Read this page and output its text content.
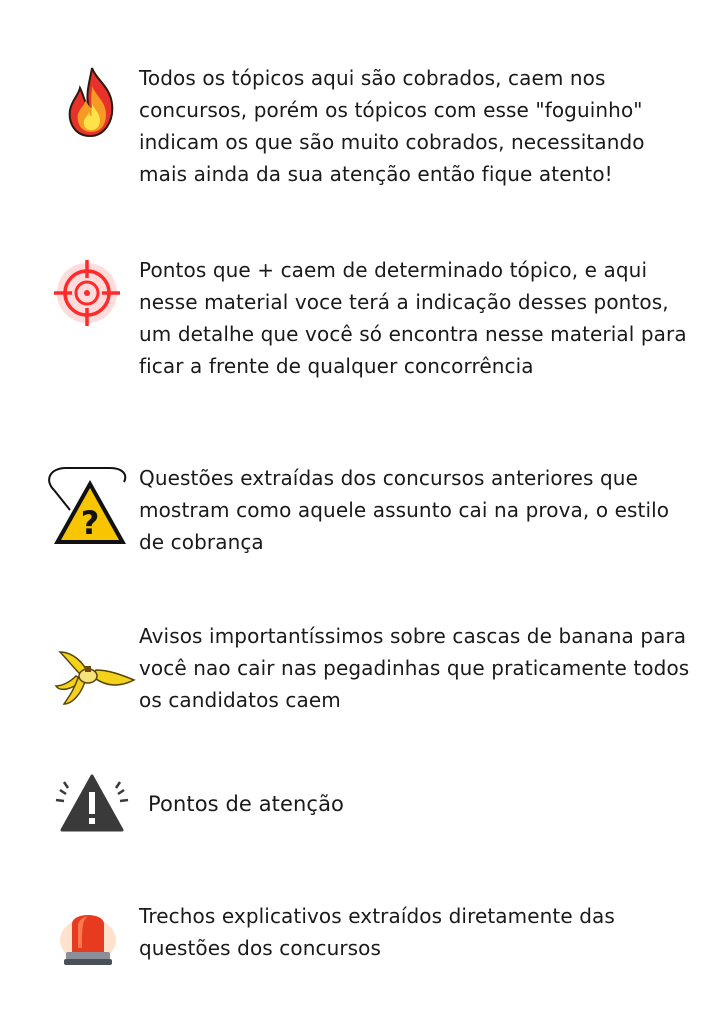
Todos os tópicos aqui são cobrados, caem nos concursos, porém os tópicos com esse "foguinho" indicam os que são muito cobrados, necessitando mais ainda da sua atenção então fique atento!
Pontos que + caem de determinado tópico, e aqui nesse material voce terá a indicação desses pontos, um detalhe que você só encontra nesse material para ficar a frente de qualquer concorrência
?
Questões extraídas dos concursos anteriores que mostram como aquele assunto cai na prova, o estilo de cobrança
Avisos importantíssimos sobre cascas de banana para você nao cair nas pegadinhas que praticamente todos os candidatos caem
Pontos de atenção
Trechos explicativos extraídos diretamente das questões dos concursos
